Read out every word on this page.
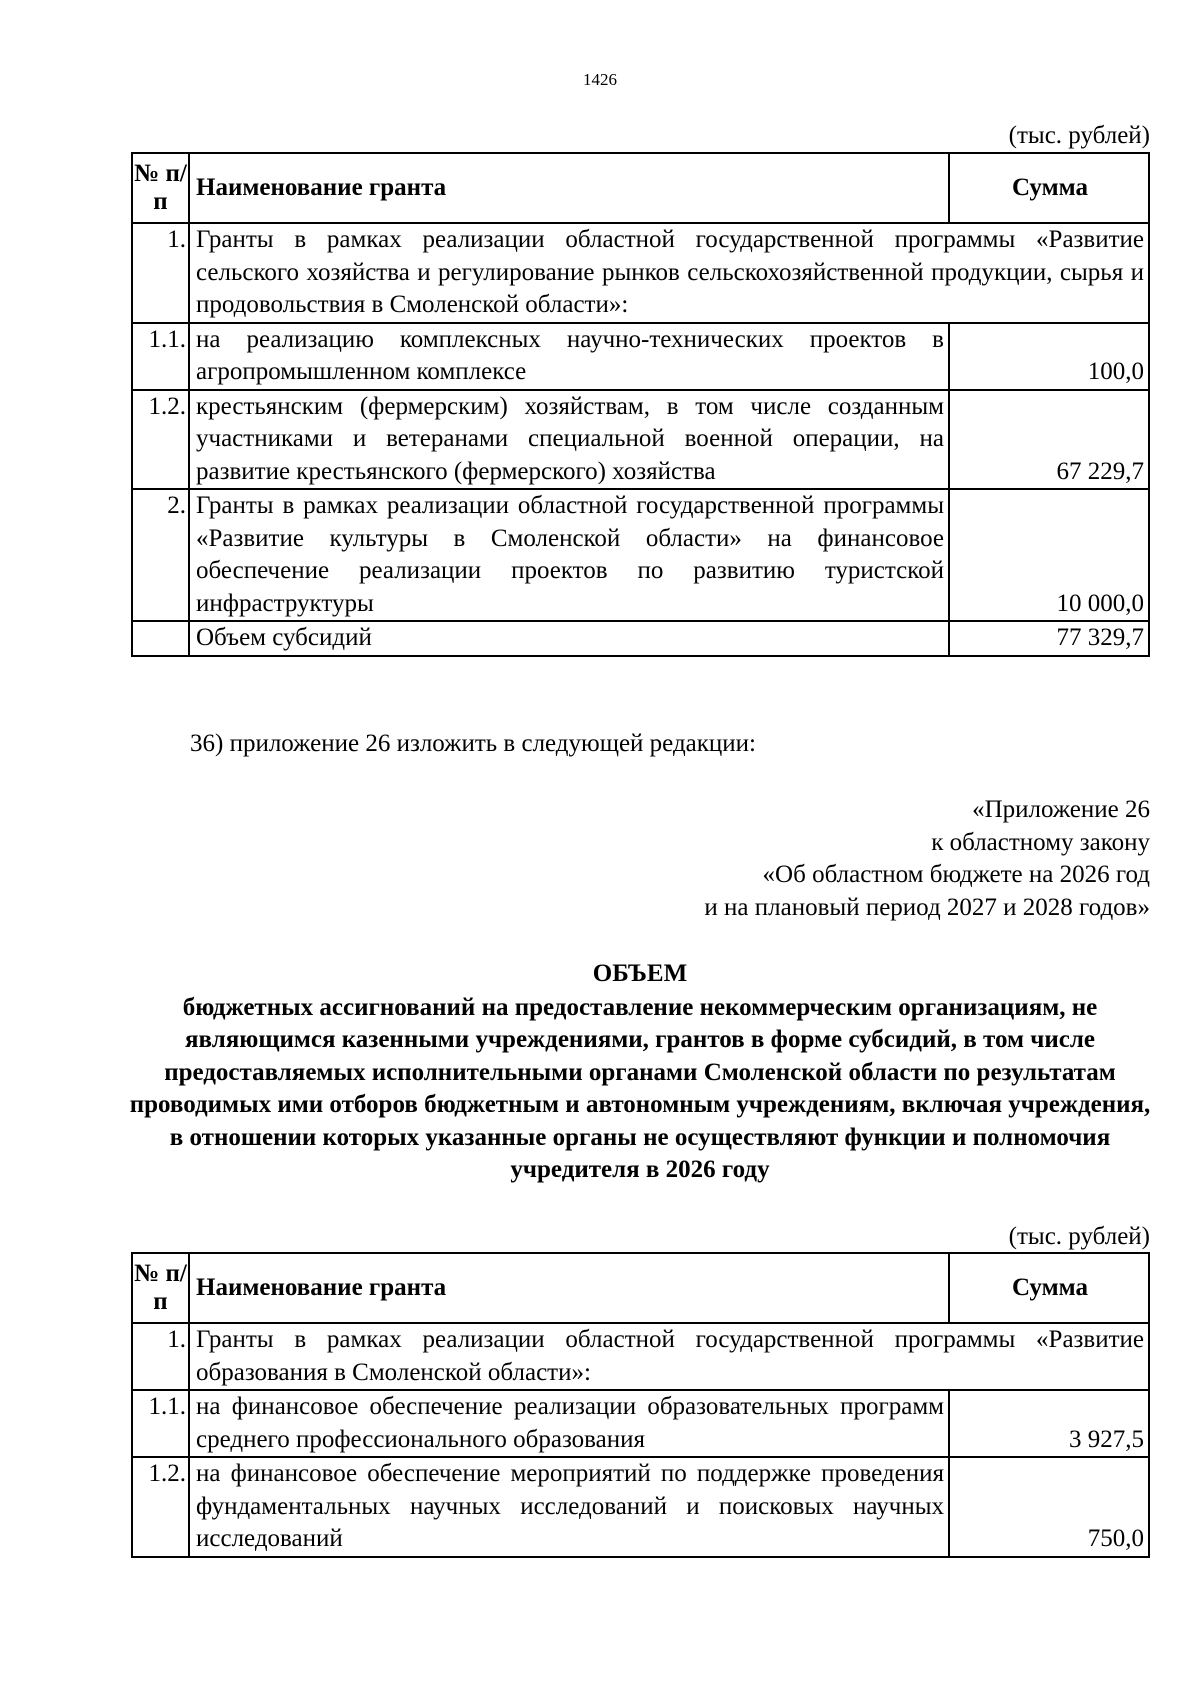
1426
(тыс. рублей)
№ п/п	Наименование гранта	Сумма
1.	Гранты в рамках реализации областной государственной программы «Развитие сельского хозяйства и регулирование рынков сельскохозяйственной продукции, сырья и продовольствия в Смоленской области»:	
1.1.	на реализацию комплексных научно-технических проектов в агропромышленном комплексе	100,0
1.2.	крестьянским (фермерским) хозяйствам, в том числе созданным участниками и ветеранами специальной военной операции, на развитие крестьянского (фермерского) хозяйства	67 229,7
2.	Гранты в рамках реализации областной государственной программы «Развитие культуры в Смоленской области» на финансовое обеспечение реализации проектов по развитию туристской инфраструктуры	10 000,0
	Объем субсидий	77 329,7
36) приложение 26 изложить в следующей редакции:
«Приложение 26
к областному закону
«Об областном бюджете на 2026 год
и на плановый период 2027 и 2028 годов»
ОБЪЕМ
бюджетных ассигнований на предоставление некоммерческим организациям, не являющимся казенными учреждениями, грантов в форме субсидий, в том числе предоставляемых исполнительными органами Смоленской области по результатам проводимых ими отборов бюджетным и автономным учреждениям, включая учреждения, в отношении которых указанные органы не осуществляют функции и полномочия учредителя в 2026 году
(тыс. рублей)
№ п/п	Наименование гранта	Сумма
1.	Гранты в рамках реализации областной государственной программы «Развитие образования в Смоленской области»:	
1.1.	на финансовое обеспечение реализации образовательных программ среднего профессионального образования	3 927,5
1.2.	на финансовое обеспечение мероприятий по поддержке проведения фундаментальных научных исследований и поисковых научных исследований	750,0
